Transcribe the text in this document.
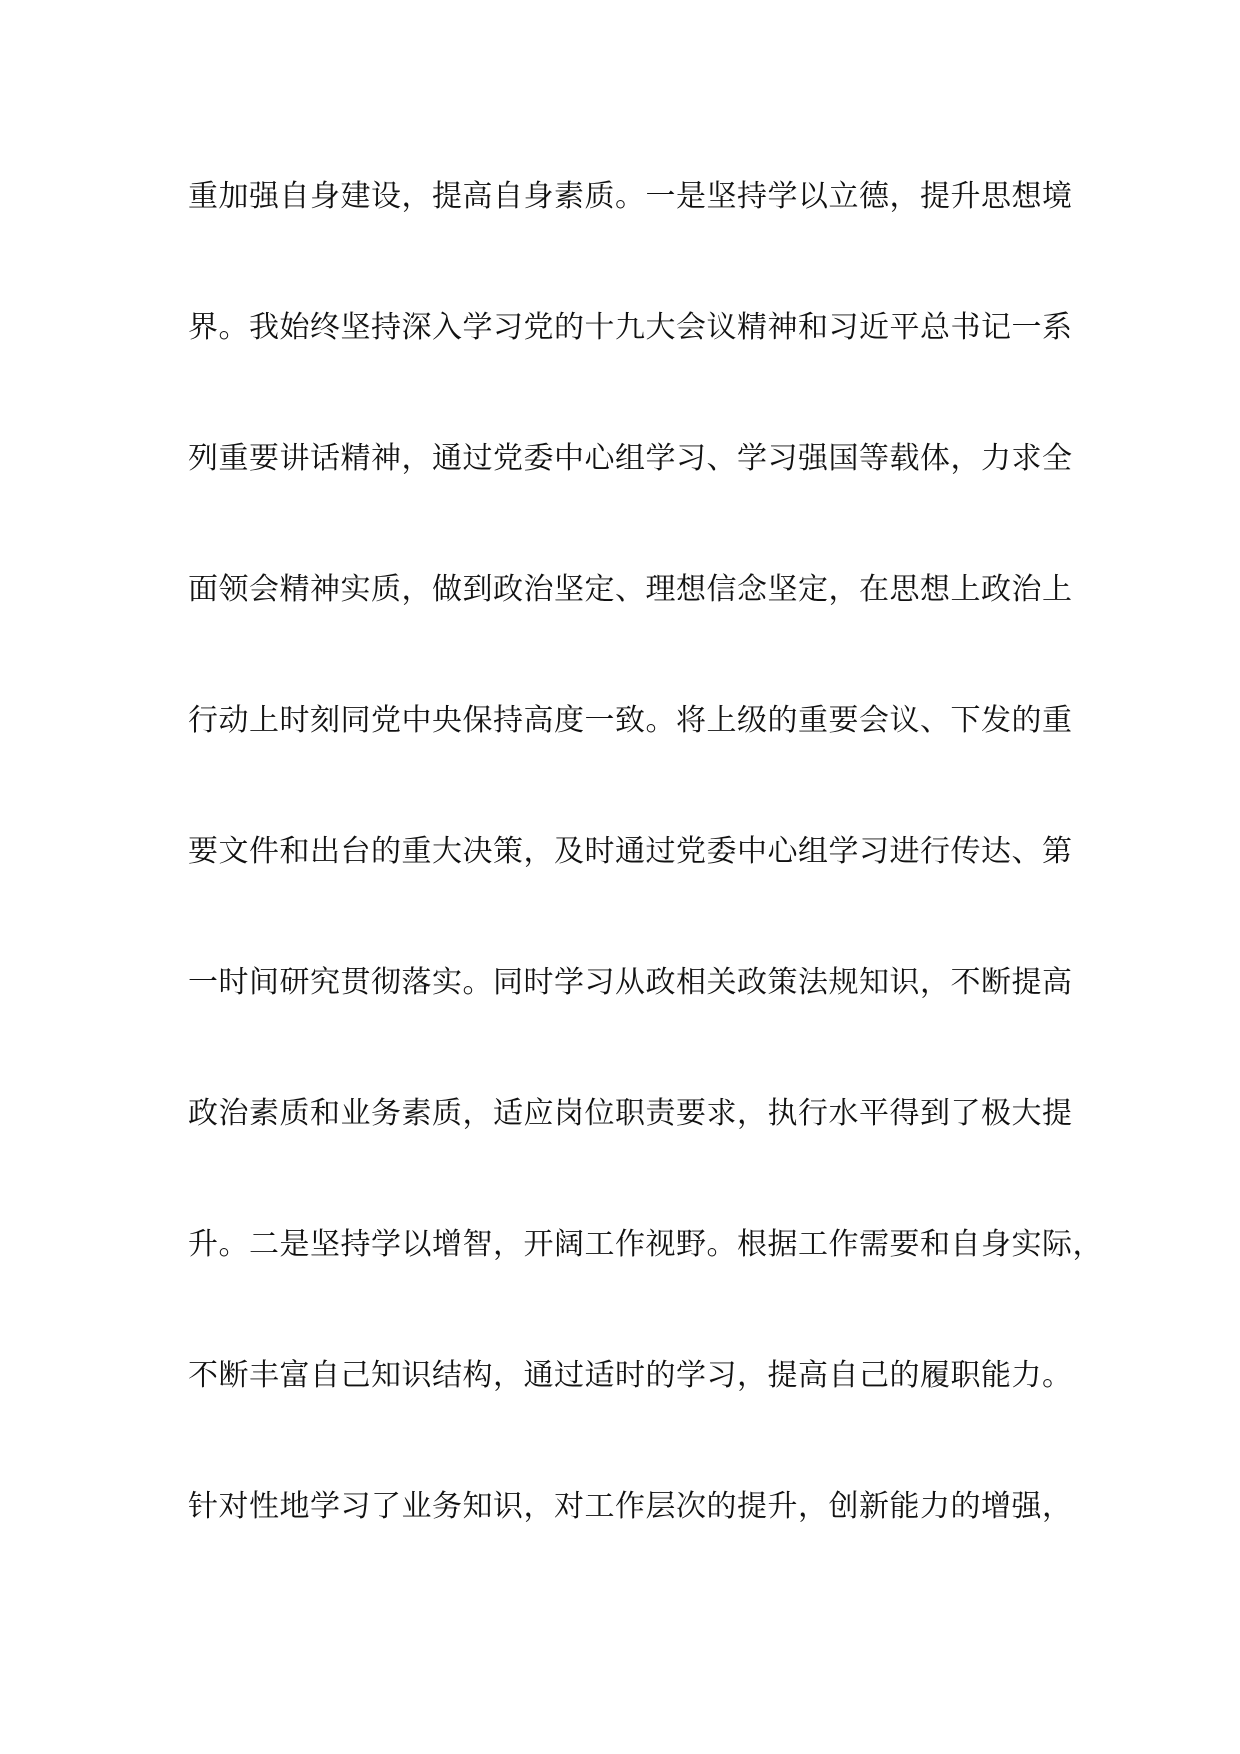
重加强自身建设，提高自身素质。一是坚持学以立德，提升思想境
界。我始终坚持深入学习党的十九大会议精神和习近平总书记一系
列重要讲话精神，通过党委中心组学习、学习强国等载体，力求全
面领会精神实质，做到政治坚定、理想信念坚定，在思想上政治上
行动上时刻同党中央保持高度一致。将上级的重要会议、下发的重
要文件和出台的重大决策，及时通过党委中心组学习进行传达、第
一时间研究贯彻落实。同时学习从政相关政策法规知识，不断提高
政治素质和业务素质，适应岗位职责要求，执行水平得到了极大提
升。二是坚持学以增智，开阔工作视野。根据工作需要和自身实际，
不断丰富自己知识结构，通过适时的学习，提高自己的履职能力。
针对性地学习了业务知识，对工作层次的提升，创新能力的增强，
